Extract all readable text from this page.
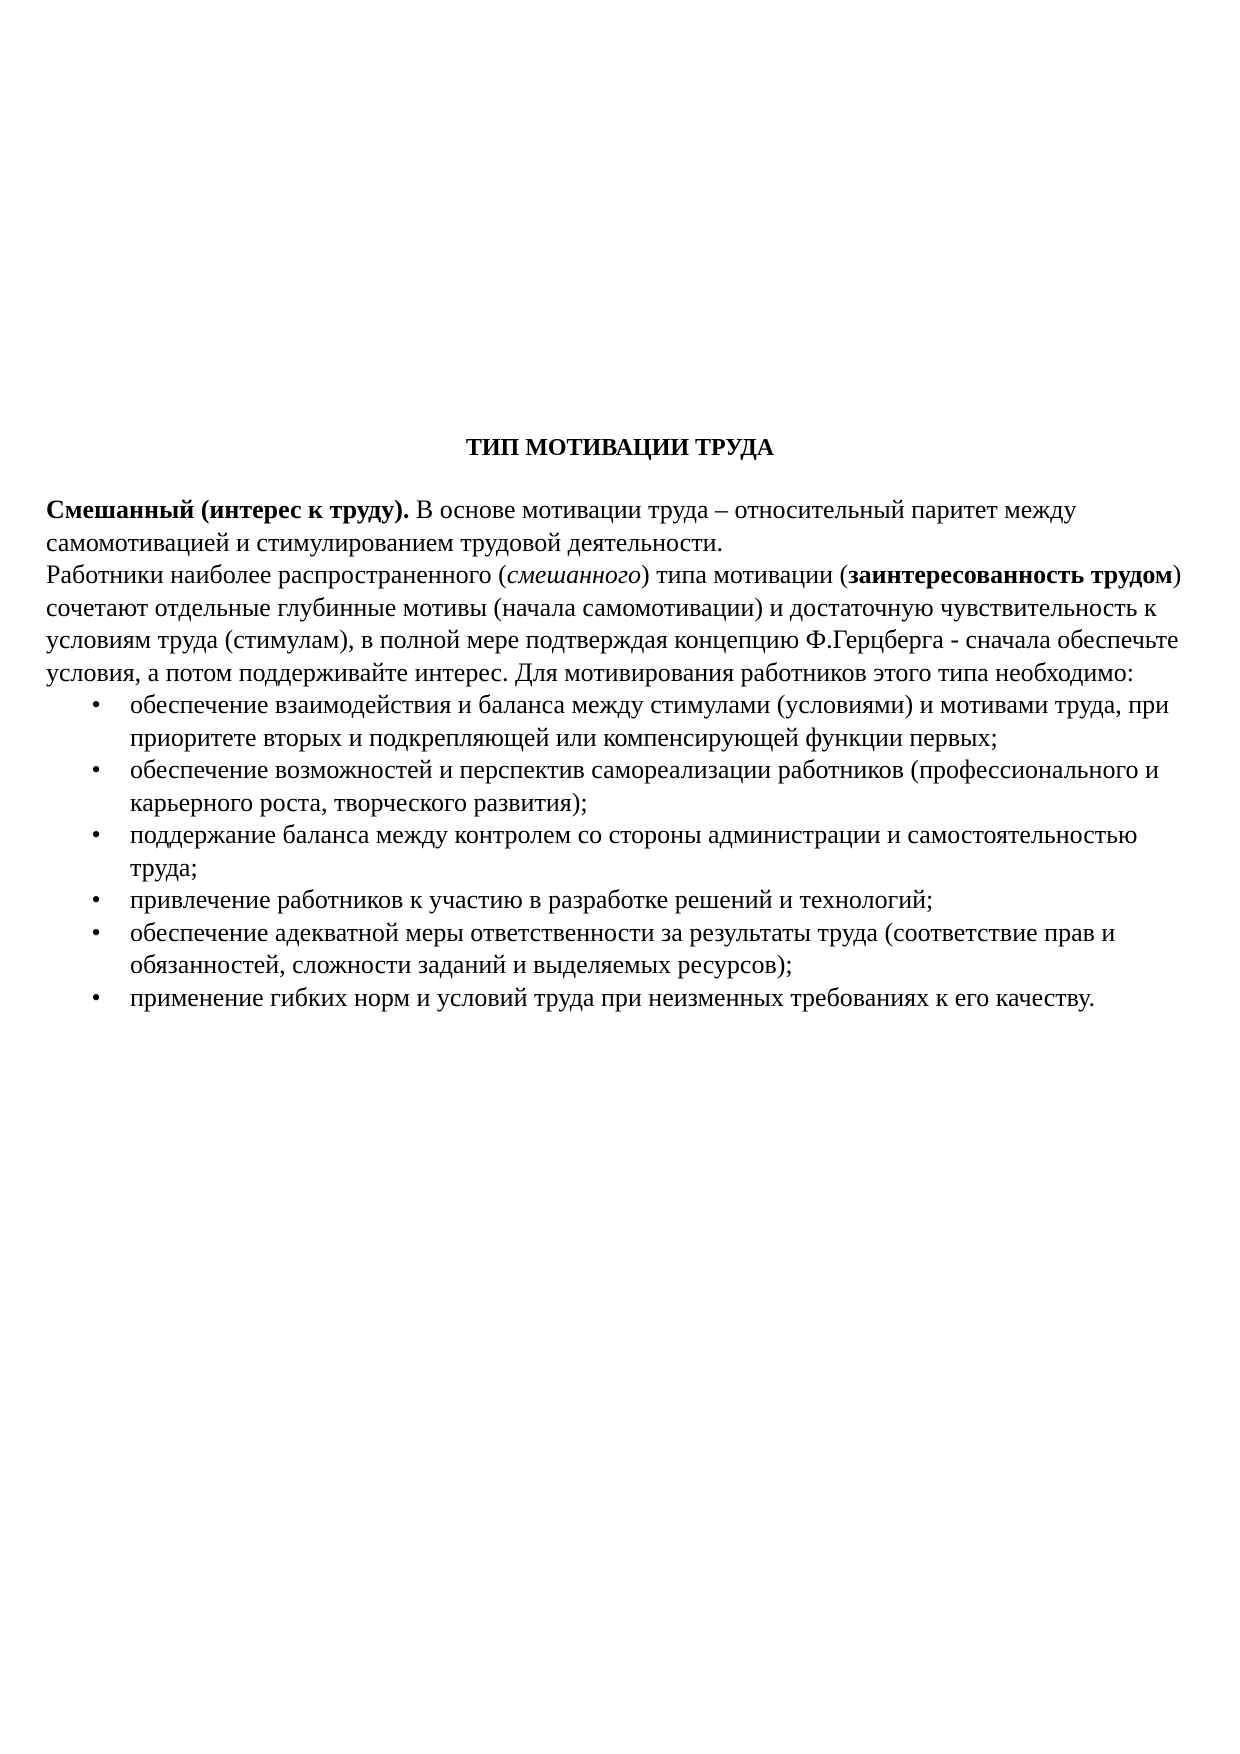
ТИП МОТИВАЦИИ ТРУДА

Смешанный (интерес к труду). В основе мотивации труда – относительный паритет между самомотивацией и стимулированием трудовой деятельности.

Работники наиболее распространенного (смешанного) типа мотивации (заинтересованность трудом) сочетают отдельные глубинные мотивы (начала самомотивации) и достаточную чувствительность к условиям труда (стимулам), в полной мере подтверждая концепцию Ф.Герцберга - сначала обеспечьте условия, а потом поддерживайте интерес. Для мотивирования работников этого типа необходимо:

• обеспечение взаимодействия и баланса между стимулами (условиями) и мотивами труда, при приоритете вторых и подкрепляющей или компенсирующей функции первых;
• обеспечение возможностей и перспектив самореализации работников (профессионального и карьерного роста, творческого развития);
• поддержание баланса между контролем со стороны администрации и самостоятельностью труда;
• привлечение работников к участию в разработке решений и технологий;
• обеспечение адекватной меры ответственности за результаты труда (соответствие прав и обязанностей, сложности заданий и выделяемых ресурсов);
• применение гибких норм и условий труда при неизменных требованиях к его качеству.
